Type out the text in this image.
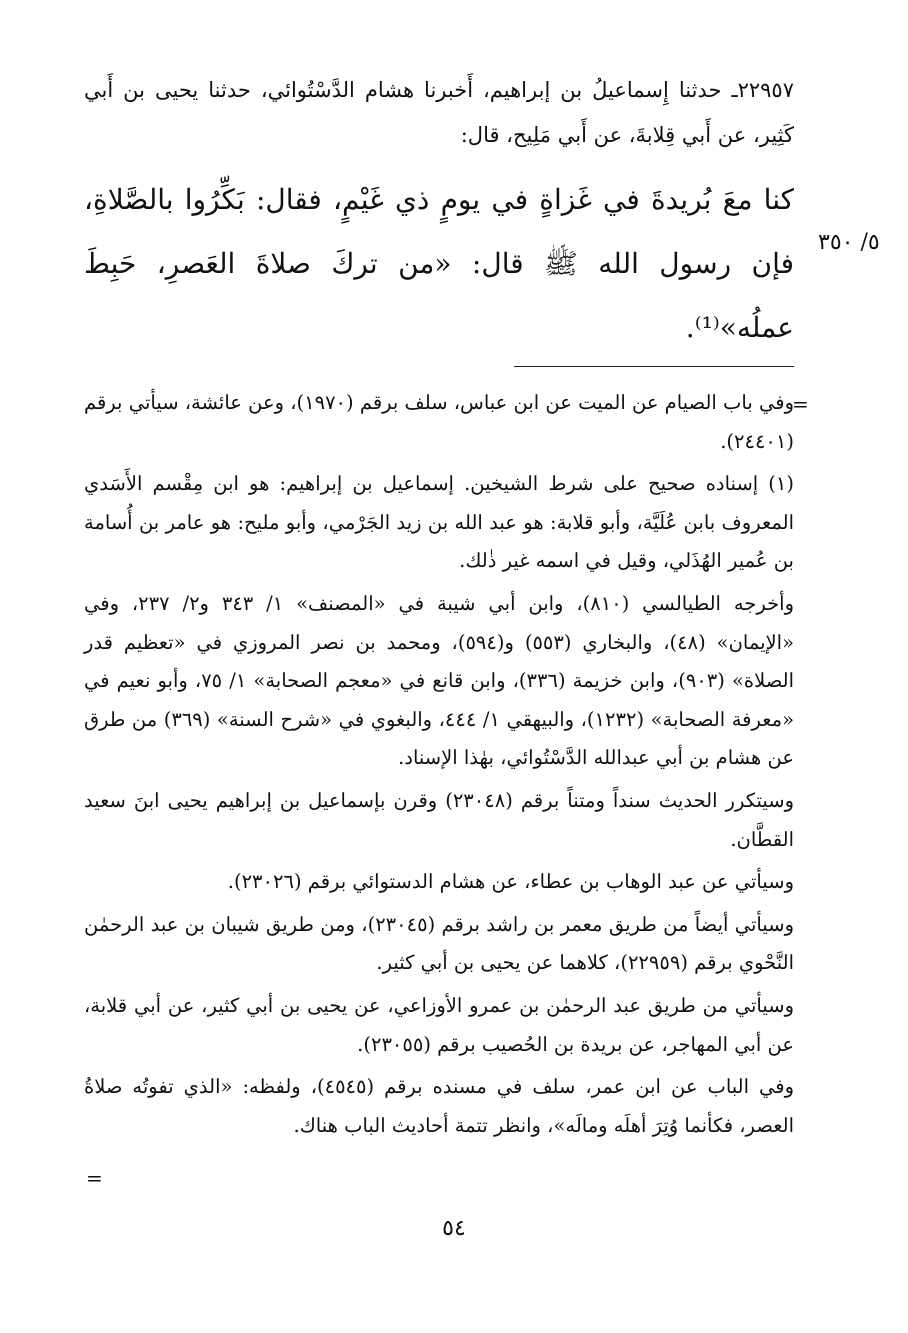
٢٢٩٥٧ـ حدثنا إِسماعيلُ بن إبراهيم، أَخبرنا هشام الدَّسْتُوائي، حدثنا يحيى بن أَبي كَثِير، عن أَبي قِلابةَ، عن أَبي مَلِيح، قال:
كنا معَ بُريدةَ في غَزاةٍ في يومٍ ذي غَيْمٍ، فقال: بَكِّرُوا بالصَّلاةِ، فإن رسول الله ﷺ قال: «من تركَ صلاةَ العَصرِ، حَبِطَ عملُه»⁽¹⁾.
٥/ ٣٥٠
=

وفي باب الصيام عن الميت عن ابن عباس، سلف برقم (١٩٧٠)، وعن عائشة، سيأتي برقم (٢٤٤٠١).

(١) إسناده صحيح على شرط الشيخين. إسماعيل بن إبراهيم: هو ابن مِقْسم الأَسَدي المعروف بابن عُلَيَّة، وأبو قلابة: هو عبد الله بن زيد الجَرْمي، وأبو مليح: هو عامر بن أُسامة بن عُمير الهُذَلي، وقيل في اسمه غير ذٰلك.

وأخرجه الطيالسي (٨١٠)، وابن أبي شيبة في «المصنف» ١/ ٣٤٣ و٢/ ٢٣٧، وفي «الإيمان» (٤٨)، والبخاري (٥٥٣) و(٥٩٤)، ومحمد بن نصر المروزي في «تعظيم قدر الصلاة» (٩٠٣)، وابن خزيمة (٣٣٦)، وابن قانع في «معجم الصحابة» ١/ ٧٥، وأبو نعيم في «معرفة الصحابة» (١٢٣٢)، والبيهقي ١/ ٤٤٤، والبغوي في «شرح السنة» (٣٦٩) من طرق عن هشام بن أبي عبدالله الدَّسْتُوائي، بهٰذا الإسناد.

وسيتكرر الحديث سنداً ومتناً برقم (٢٣٠٤٨) وقرن بإسماعيل بن إبراهيم يحيى ابنَ سعيد القطَّان.

وسيأتي عن عبد الوهاب بن عطاء، عن هشام الدستوائي برقم (٢٣٠٢٦).

وسيأتي أيضاً من طريق معمر بن راشد برقم (٢٣٠٤٥)، ومن طريق شيبان بن عبد الرحمٰن النَّحْوي برقم (٢٢٩٥٩)، كلاهما عن يحيى بن أبي كثير.

وسيأتي من طريق عبد الرحمٰن بن عمرو الأوزاعي، عن يحيى بن أبي كثير، عن أبي قلابة، عن أبي المهاجر، عن بريدة بن الحُصيب برقم (٢٣٠٥٥).

وفي الباب عن ابن عمر، سلف في مسنده برقم (٤٥٤٥)، ولفظه: «الذي تفوتُه صلاةُ العصر، فكأنما وُتِرَ أهلَه ومالَه»، وانظر تتمة أحاديث الباب هناك.

=
٥٤
